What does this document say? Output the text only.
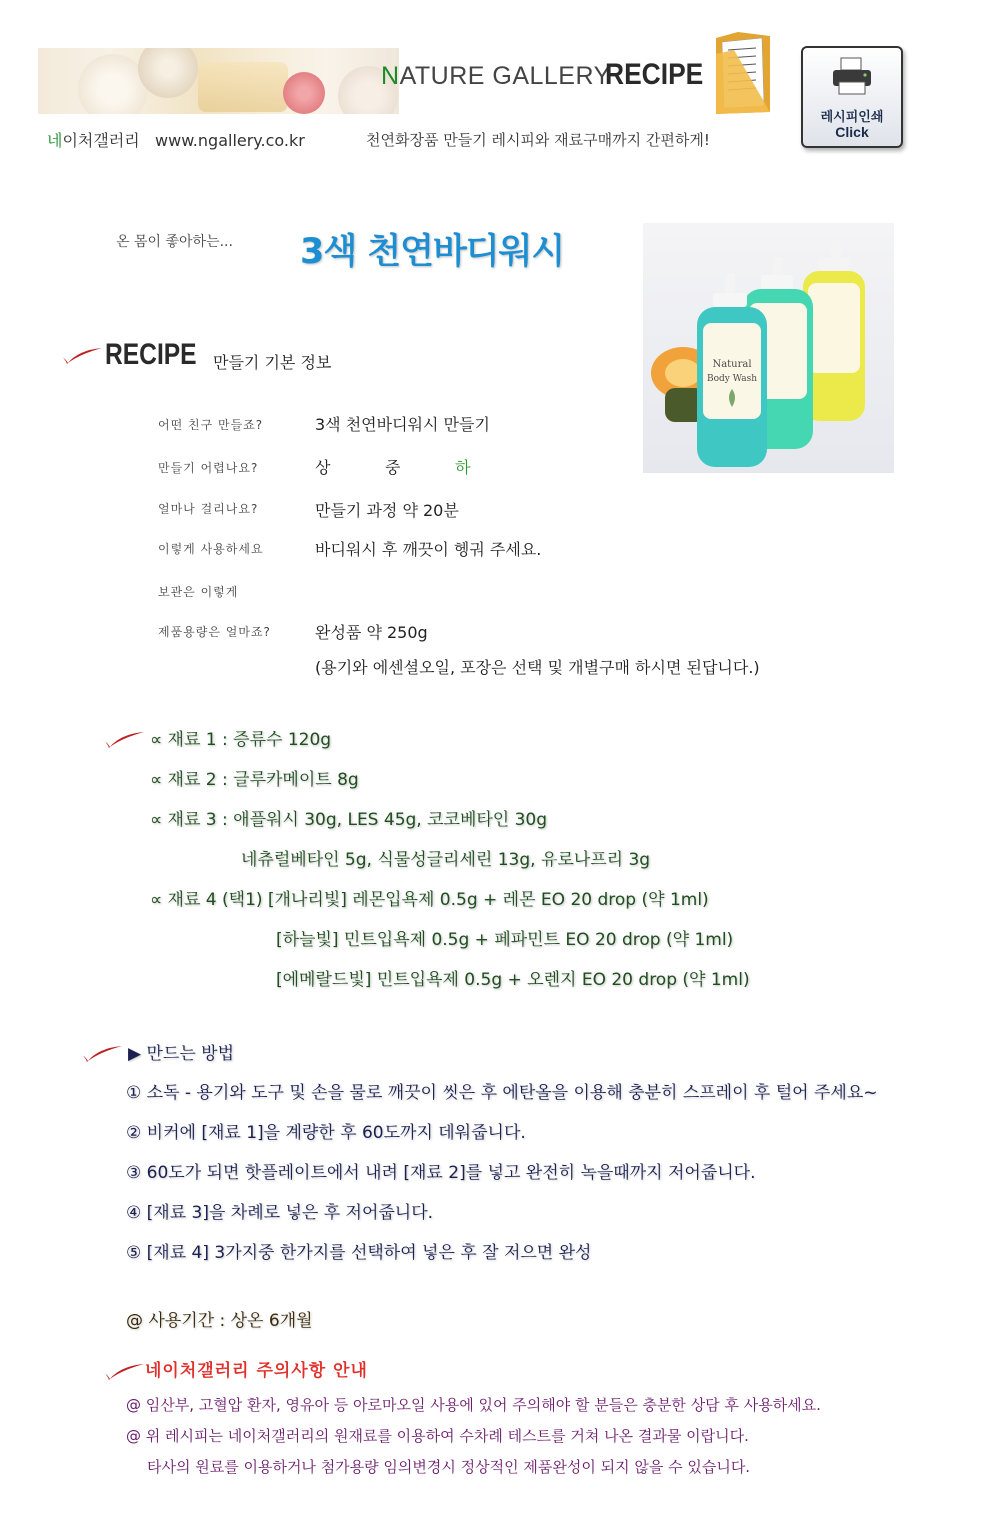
NATURE GALLERY
RECIPE
네이처갤러리 www.ngallery.co.kr	천연화장품 만들기 레시피와 재료구매까지 간편하게!
레시피인쇄
Click
온 몸이 좋아하는... 3색 천연바디워시
Natural
Body Wash
RECIPE 만들기 기본 정보
어떤 친구 만들죠?	3색 천연바디워시 만들기
만들기 어렵나요?	상	중	하
얼마나 걸리나요?	만들기 과정 약 20분
이렇게 사용하세요	바디워시 후 깨끗이 헹궈 주세요.
보관은 이렇게
제품용량은 얼마죠?	완성품 약 250g
(용기와 에센셜오일, 포장은 선택 및 개별구매 하시면 된답니다.)
∝ 재료 1 : 증류수 120g
∝ 재료 2 : 글루카메이트 8g
∝ 재료 3 : 애플워시 30g, LES 45g, 코코베타인 30g
네츄럴베타인 5g, 식물성글리세린 13g, 유로나프리 3g
∝ 재료 4 (택1) [개나리빛] 레몬입욕제 0.5g + 레몬 EO 20 drop (약 1ml)
[하늘빛] 민트입욕제 0.5g + 페파민트 EO 20 drop (약 1ml)
[에메랄드빛] 민트입욕제 0.5g + 오렌지 EO 20 drop (약 1ml)
▶ 만드는 방법
① 소독 - 용기와 도구 및 손을 물로 깨끗이 씻은 후 에탄올을 이용해 충분히 스프레이 후 털어 주세요~
② 비커에 [재료 1]을 계량한 후 60도까지 데워줍니다.
③ 60도가 되면 핫플레이트에서 내려 [재료 2]를 넣고 완전히 녹을때까지 저어줍니다.
④ [재료 3]을 차례로 넣은 후 저어줍니다.
⑤ [재료 4] 3가지중 한가지를 선택하여 넣은 후 잘 저으면 완성
@ 사용기간 : 상온 6개월
네이처갤러리 주의사항 안내
@ 임산부, 고혈압 환자, 영유아 등 아로마오일 사용에 있어 주의해야 할 분들은 충분한 상담 후 사용하세요.
@ 위 레시피는 네이처갤러리의 원재료를 이용하여 수차례 테스트를 거쳐 나온 결과물 이랍니다.
타사의 원료를 이용하거나 첨가용량 임의변경시 정상적인 제품완성이 되지 않을 수 있습니다.
